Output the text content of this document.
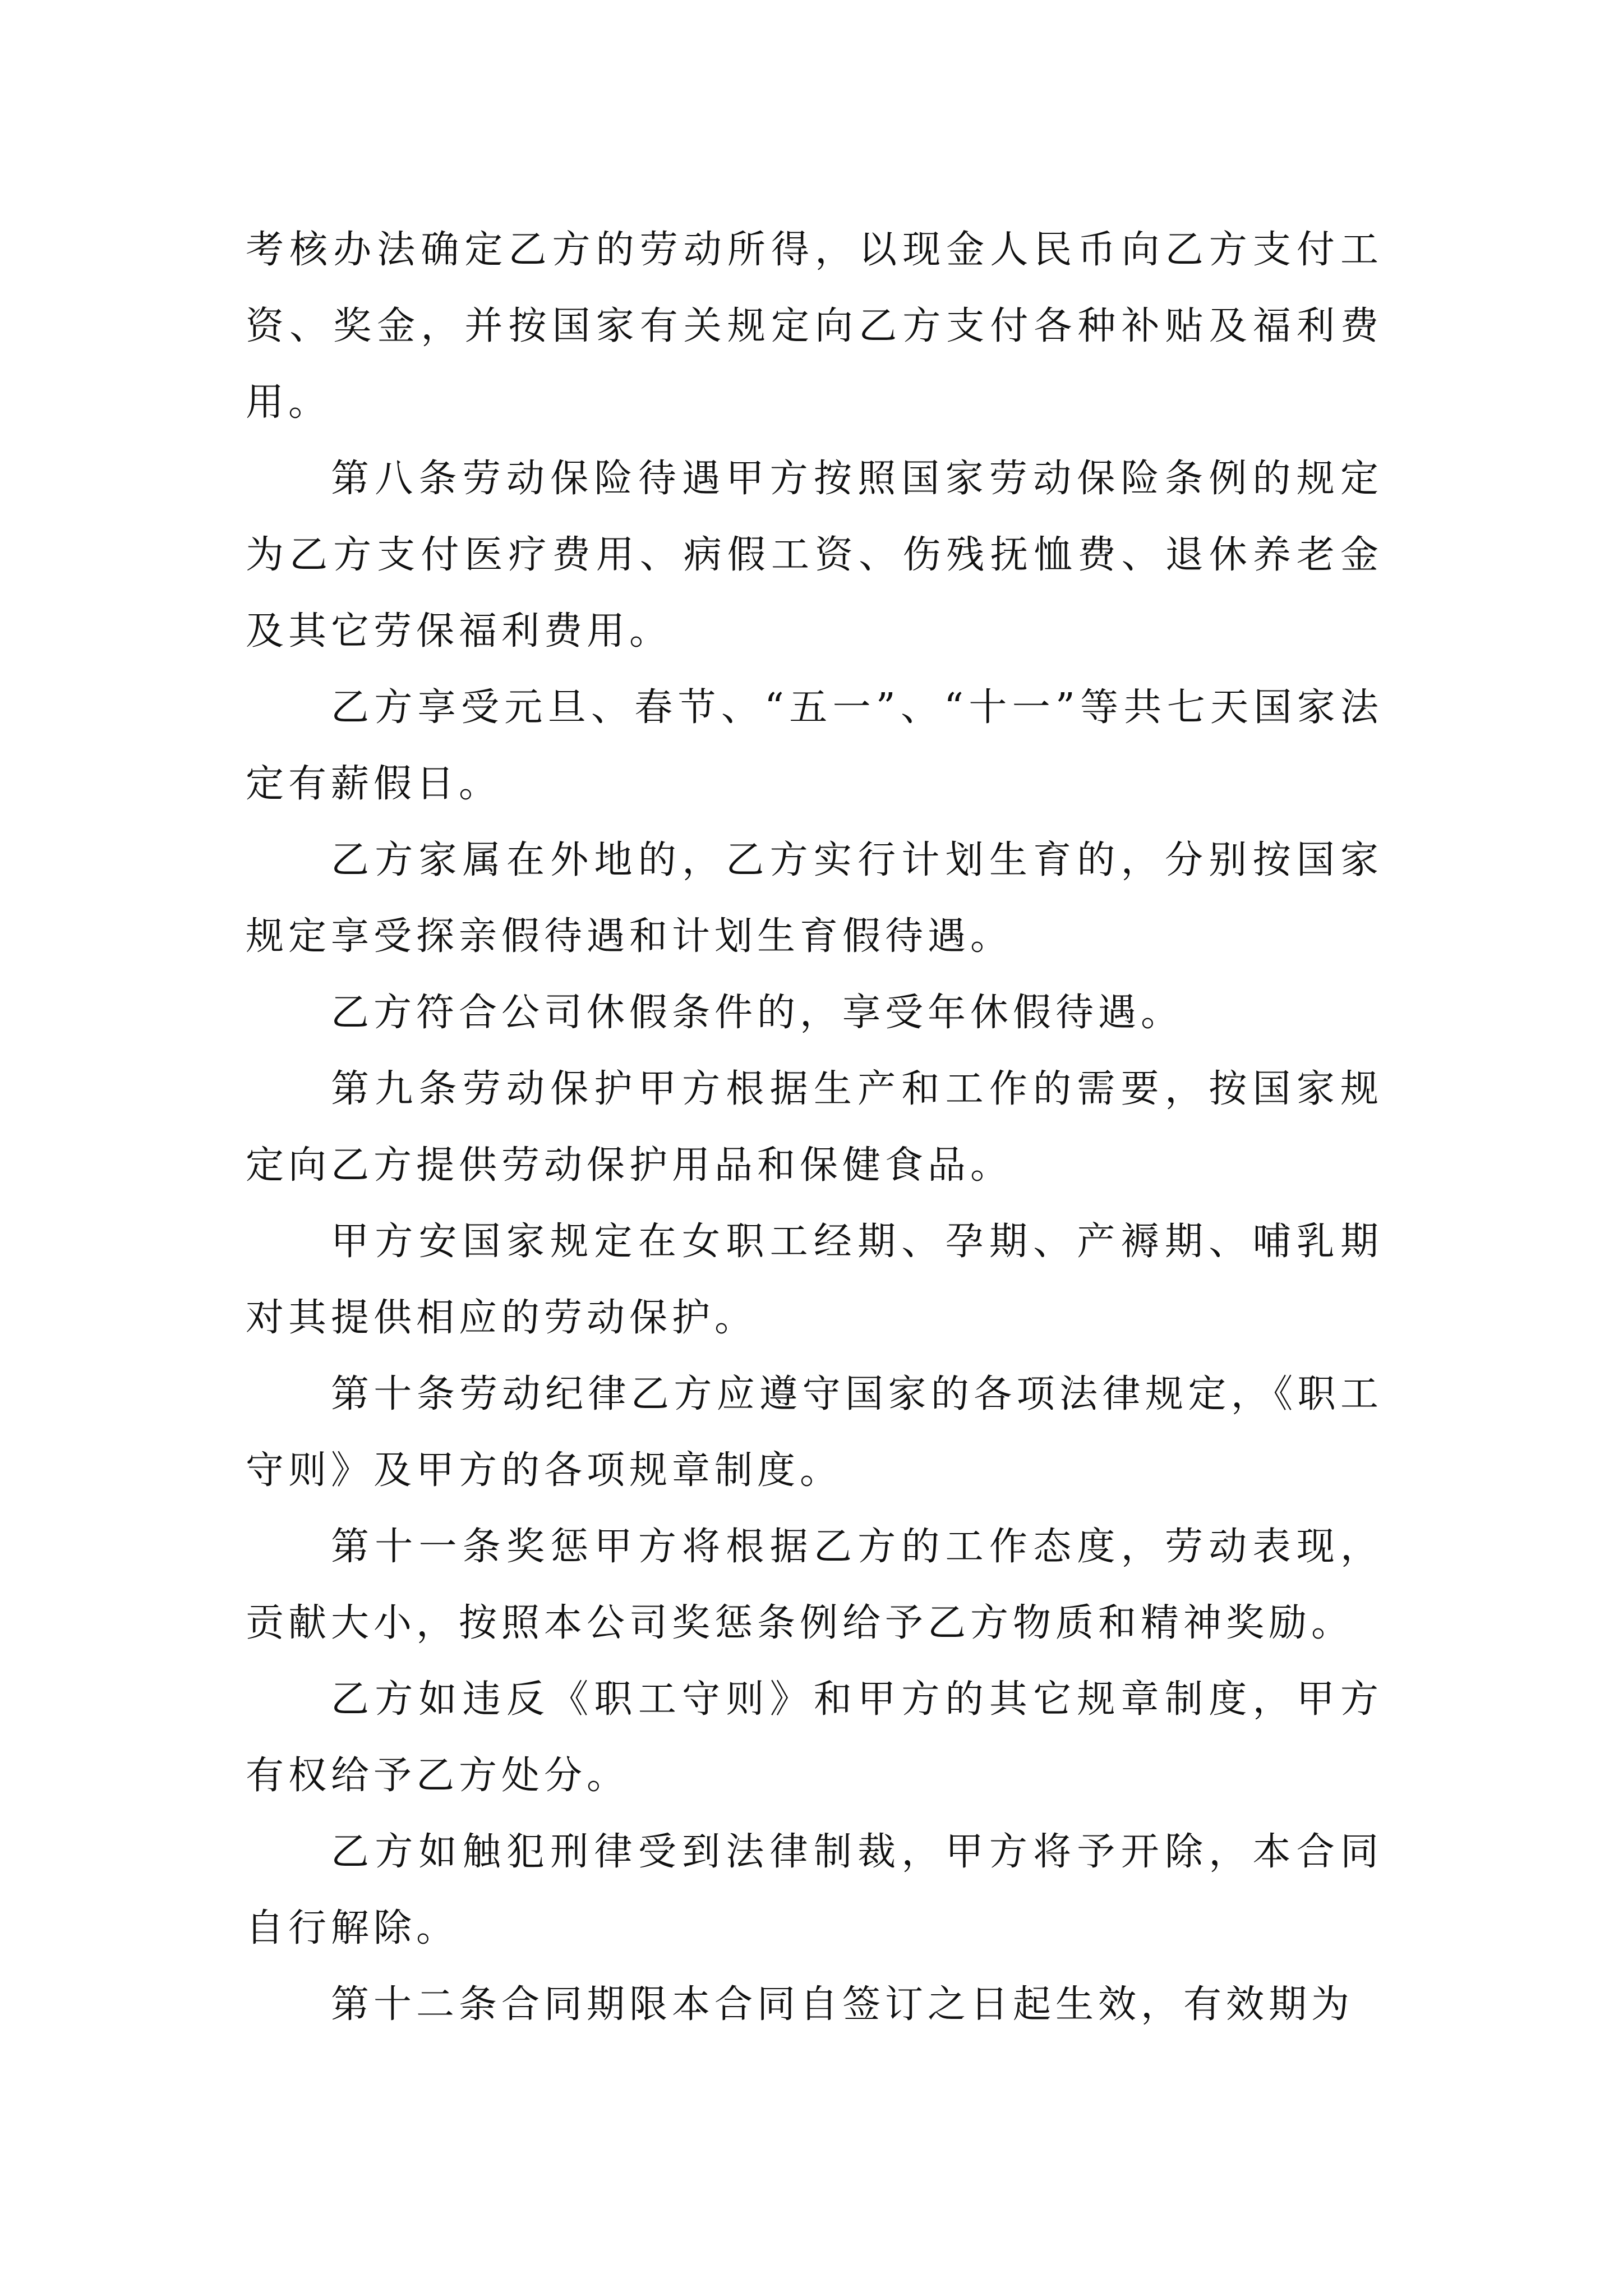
考核办法确定乙方的劳动所得，以现金人民币向乙方支付工资、奖金，并按国家有关规定向乙方支付各种补贴及福利费用。

第八条劳动保险待遇甲方按照国家劳动保险条例的规定为乙方支付医疗费用、病假工资、伤残抚恤费、退休养老金及其它劳保福利费用。

乙方享受元旦、春节、“五一”、“十一”等共七天国家法定有薪假日。

乙方家属在外地的，乙方实行计划生育的，分别按国家规定享受探亲假待遇和计划生育假待遇。

乙方符合公司休假条件的，享受年休假待遇。

第九条劳动保护甲方根据生产和工作的需要，按国家规定向乙方提供劳动保护用品和保健食品。

甲方安国家规定在女职工经期、孕期、产褥期、哺乳期对其提供相应的劳动保护。

第十条劳动纪律乙方应遵守国家的各项法律规定，《职工守则》及甲方的各项规章制度。

第十一条奖惩甲方将根据乙方的工作态度，劳动表现，贡献大小，按照本公司奖惩条例给予乙方物质和精神奖励。

乙方如违反《职工守则》和甲方的其它规章制度，甲方有权给予乙方处分。

乙方如触犯刑律受到法律制裁，甲方将予开除，本合同自行解除。

第十二条合同期限本合同自签订之日起生效，有效期为
